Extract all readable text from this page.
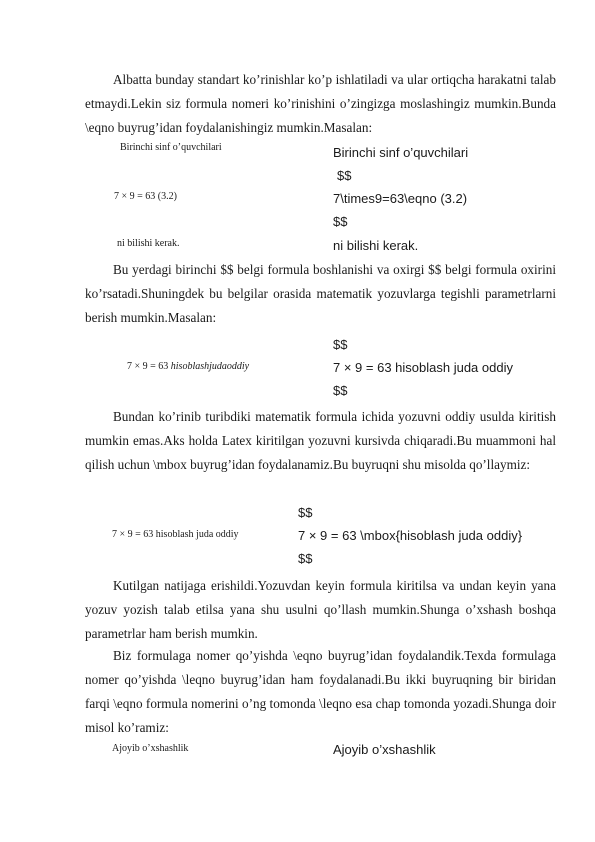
Albatta bunday standart ko’rinishlar ko’p ishlatiladi va ular ortiqcha harakatni talab etmaydi.Lekin siz formula nomeri ko’rinishini o’zingizga moslashingiz mumkin.Bunda \eqno buyrug’idan foydalanishingiz mumkin.Masalan:
Birinchi sinf o’quvchilari	Birinchi sinf o’quvchilari
$$
7 × 9 = 63 (3.2)	7\times9=63\eqno (3.2)
$$
ni bilishi kerak.	ni bilishi kerak.
Bu yerdagi birinchi $$ belgi formula boshlanishi va oxirgi $$ belgi formula oxirini ko’rsatadi.Shuningdek bu belgilar orasida matematik yozuvlarga tegishli parametrlarni berish mumkin.Masalan:
$$
7 × 9 = 63 hisoblashjudaoddiy	7 × 9 = 63 hisoblash juda oddiy
$$
Bundan ko’rinib turibdiki matematik formula ichida yozuvni oddiy usulda kiritish mumkin emas.Aks holda Latex kiritilgan yozuvni kursivda chiqaradi.Bu muammoni hal qilish uchun \mbox buyrug’idan foydalanamiz.Bu buyruqni shu misolda qo’llaymiz:
$$
7 × 9 = 63 hisoblash juda oddiy	7 × 9 = 63 \mbox{hisoblash juda oddiy}
$$
Kutilgan natijaga erishildi.Yozuvdan keyin formula kiritilsa va undan keyin yana yozuv yozish talab etilsa yana shu usulni qo’llash mumkin.Shunga o’xshash boshqa parametrlar ham berish mumkin.
Biz formulaga nomer qo’yishda \eqno buyrug’idan foydalandik.Texda formulaga nomer qo’yishda \leqno buyrug’idan ham foydalanadi.Bu ikki buyruqning bir biridan farqi \eqno formula nomerini o’ng tomonda \leqno esa chap tomonda yozadi.Shunga doir misol ko’ramiz:
Ajoyib o’xshashlik	Ajoyib o’xshashlik
